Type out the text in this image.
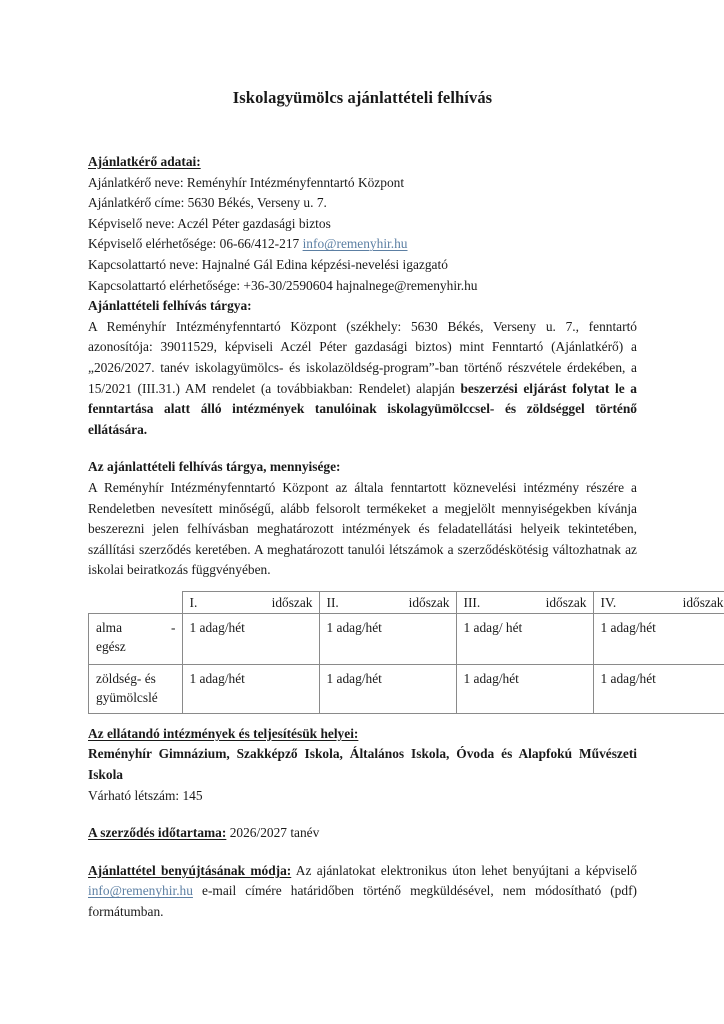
Iskolagyümölcs ajánlattételi felhívás
Ajánlatkérő adatai:
Ajánlatkérő neve: Reményhír Intézményfenntartó Központ
Ajánlatkérő címe: 5630 Békés, Verseny u. 7.
Képviselő neve: Aczél Péter gazdasági biztos
Képviselő elérhetősége: 06-66/412-217 info@remenyhir.hu
Kapcsolattartó neve: Hajnalné Gál Edina képzési-nevelési igazgató
Kapcsolattartó elérhetősége: +36-30/2590604 hajnalnege@remenyhir.hu
Ajánlattételi felhívás tárgya:

A Reményhír Intézményfenntartó Központ (székhely: 5630 Békés, Verseny u. 7., fenntartó azonosítója: 39011529, képviseli Aczél Péter gazdasági biztos) mint Fenntartó (Ajánlatkérő) a „2026/2027. tanév iskolagyümölcs- és iskolazöldség-program”-ban történő részvétele érdekében, a 15/2021 (III.31.) AM rendelet (a továbbiakban: Rendelet) alapján beszerzési eljárást folytat le a fenntartása alatt álló intézmények tanulóinak iskolagyümölccsel- és zöldséggel történő ellátására.

Az ajánlattételi felhívás tárgya, mennyisége:

A Reményhír Intézményfenntartó Központ az általa fenntartott köznevelési intézmény részére a Rendeletben nevesített minőségű, alább felsorolt termékeket a megjelölt mennyiségekben kívánja beszerezni jelen felhívásban meghatározott intézmények és feladatellátási helyeik tekintetében, szállítási szerződés keretében. A meghatározott tanulói létszámok a szerződéskötésig változhatnak az iskolai beiratkozás függvényében.

	I. időszak	II. időszak	III. időszak	IV. időszak

alma -
egész	1 adag/hét	1 adag/hét	1 adag/ hét	1 adag/hét

zöldség- és
gyümölcslé	1 adag/hét	1 adag/hét	1 adag/hét	1 adag/hét
Az ellátandó intézmények és teljesítésük helyei:

Reményhír Gimnázium, Szakképző Iskola, Általános Iskola, Óvoda és Alapfokú Művészeti Iskola

Várható létszám: 145
A szerződés időtartama: 2026/2027 tanév

Ajánlattétel benyújtásának módja: Az ajánlatokat elektronikus úton lehet benyújtani a képviselő info@remenyhir.hu e-mail címére határidőben történő megküldésével, nem módosítható (pdf) formátumban.
